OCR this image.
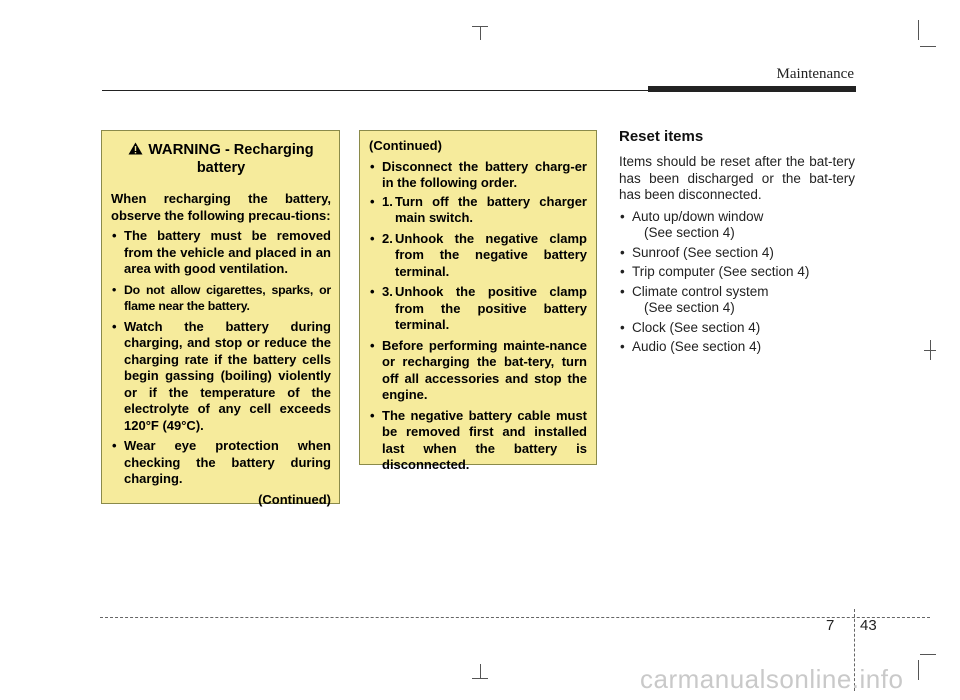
Maintenance
WARNING - Recharging battery
When recharging the battery, observe the following precau-tions:
• The battery must be removed from the vehicle and placed in an area with good ventilation.
• Do not allow cigarettes, sparks, or flame near the battery.
• Watch the battery during charging, and stop or reduce the charging rate if the battery cells begin gassing (boiling) violently or if the temperature of the electrolyte of any cell exceeds 120°F (49°C).
• Wear eye protection when checking the battery during charging.
(Continued)
(Continued)
• Disconnect the battery charg-er in the following order.
• 1. Turn off the battery charger main switch.
• 2. Unhook the negative clamp from the negative battery terminal.
• 3. Unhook the positive clamp from the positive battery terminal.
• Before performing mainte-nance or recharging the bat-tery, turn off all accessories and stop the engine.
• The negative battery cable must be removed first and installed last when the battery is disconnected.
Reset items

Items should be reset after the bat-tery has been discharged or the bat-tery has been disconnected.

• Auto up/down window
(See section 4)
• Sunroof (See section 4)
• Trip computer (See section 4)
• Climate control system
(See section 4)
• Clock (See section 4)
• Audio (See section 4)
7 43
carmanualsonline.info
